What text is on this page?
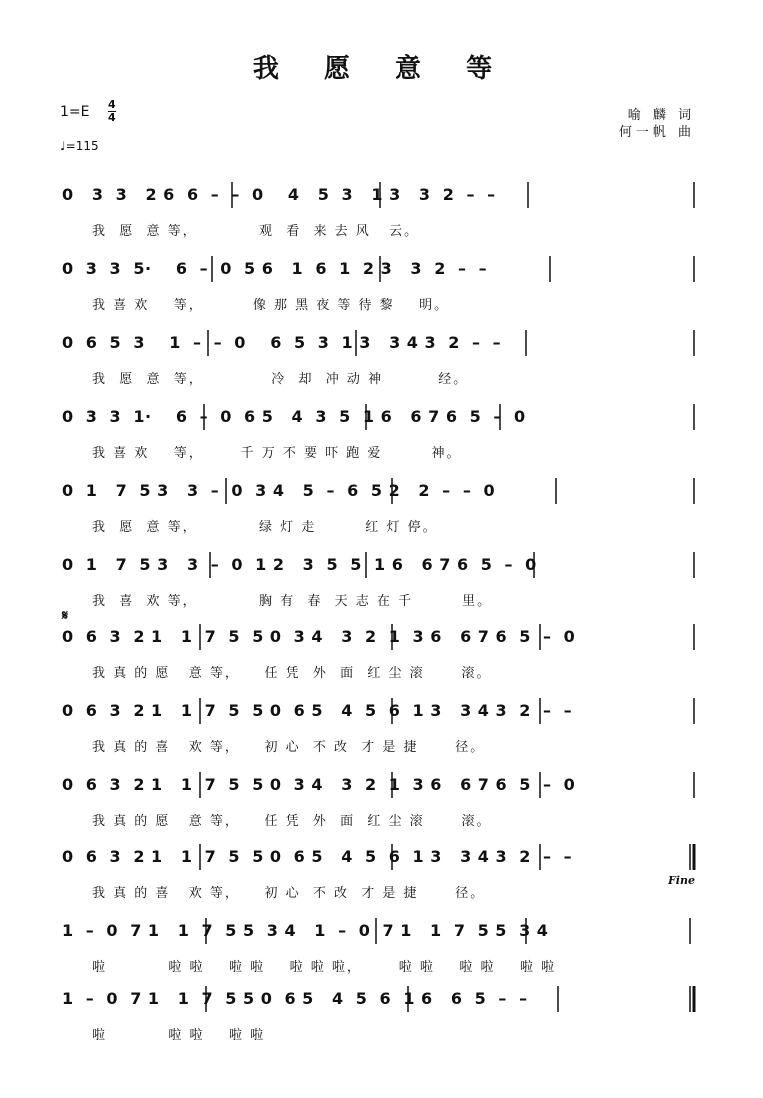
我 愿 意 等
1=E 4
4
♩=115
喻 麟 词
何一帆 曲
𝄋
Fine
0   3  3   2 6  6  –  –  0    4   5  3   1 3   3  2  –  –
我  愿  意 等，          观  看  来 去 风   云。
0  3  3  5·    6  –  0  5 6   1  6  1  2 3   3  2  –  –
我 喜 欢    等，        像 那 黑 夜 等 待 黎    明。
0  6  5  3    1  –  –  0    6  5  3  1 3   3 4 3  2  –  –
我  愿  意  等，           冷  却  冲 动 神         经。
0  3  3  1·    6  –  0  6 5   4  3  5  1 6   6 7 6  5  –  0
我 喜 欢    等，      千 万 不 要 吓 跑 爱        神。
0  1   7  5 3   3  –  0  3 4   5  –  6  5 2   2  –  –  0
我  愿  意 等，          绿 灯 走        红 灯 停。
0  1   7  5 3   3  –  0  1 2   3  5  5  1 6   6 7 6  5  –  0
我  喜  欢 等，          胸 有  春  天 志 在 千        里。
0  6  3  2 1   1  7  5  5 0  3 4   3  2  1  3 6   6 7 6  5  –  0
我 真 的 愿   意 等，    任 凭  外  面  红 尘 滚      滚。
0  6  3  2 1   1  7  5  5 0  6 5   4  5  6  1 3   3 4 3  2  –  –
我 真 的 喜   欢 等，    初 心  不 改  才 是 捷      径。
0  6  3  2 1   1  7  5  5 0  3 4   3  2  1  3 6   6 7 6  5  –  0
我 真 的 愿   意 等，    任 凭  外  面  红 尘 滚      滚。
0  6  3  2 1   1  7  5  5 0  6 5   4  5  6  1 3   3 4 3  2  –  –
我 真 的 喜   欢 等，    初 心  不 改  才 是 捷      径。
1  –  0  7 1   1  7  5 5  3 4   1  –  0  7 1   1  7  5 5  3 4
啦          啦 啦    啦 啦    啦 啦 啦，      啦 啦    啦 啦    啦 啦
1  –  0  7 1   1  7  5 5 0  6 5   4  5  6  1 6   6  5  –  –
啦          啦 啦    啦 啦
